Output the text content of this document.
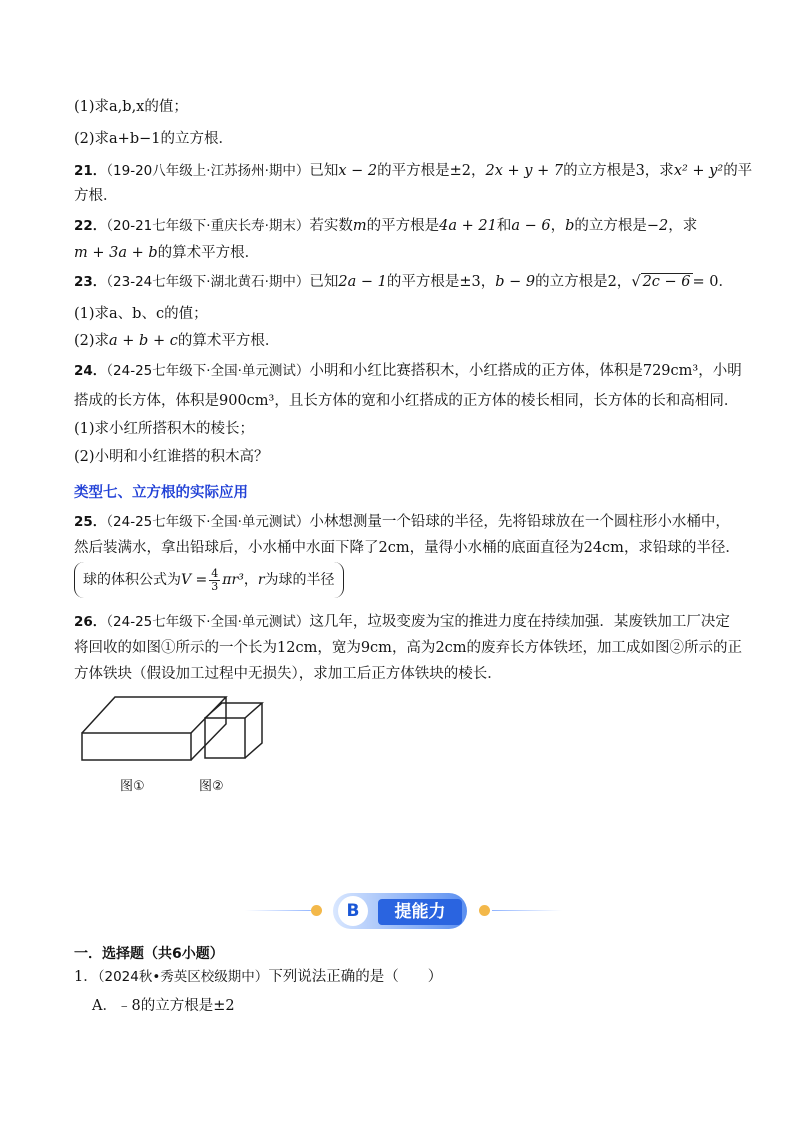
(1)求a,b,x的值；
(2)求a+b−1的立方根．
21．（19-20八年级上·江苏扬州·期中）已知x − 2的平方根是±2，2x + y + 7的立方根是3，求x² + y²的平
方根．
22．（20-21七年级下·重庆长寿·期末）若实数m的平方根是4a + 21和a − 6，b的立方根是−2，求
m + 3a + b的算术平方根．
23．（23-24七年级下·湖北黄石·期中）已知2a − 1的平方根是±3，b − 9的立方根是2，√ 2c − 6 = 0．
(1)求a、b、c的值；
(2)求a + b + c的算术平方根．
24．（24-25七年级下·全国·单元测试）小明和小红比赛搭积木，小红搭成的正方体，体积是729cm³，小明
搭成的长方体，体积是900cm³，且长方体的宽和小红搭成的正方体的棱长相同，长方体的长和高相同．
(1)求小红所搭积木的棱长；
(2)小明和小红谁搭的积木高？
类型七、立方根的实际应用
25．（24-25七年级下·全国·单元测试）小林想测量一个铅球的半径，先将铅球放在一个圆柱形小水桶中，
然后装满水，拿出铅球后，小水桶中水面下降了2cm，量得小水桶的底面直径为24cm，求铅球的半径．
球的体积公式为$V = \frac{4}{3} \pi r^3$，r为球的半径
26．（24-25七年级下·全国·单元测试）这几年，垃圾变废为宝的推进力度在持续加强．某废铁加工厂决定
将回收的如图①所示的一个长为12cm，宽为9cm，高为2cm的废弃长方体铁坯，加工成如图②所示的正
方体铁块（假设加工过程中无损失），求加工后正方体铁块的棱长．
图①	图②
B	提能力
一．选择题（共6小题）
1．（2024秋•秀英区校级期中）下列说法正确的是（　　）
A．﹣8的立方根是±2
